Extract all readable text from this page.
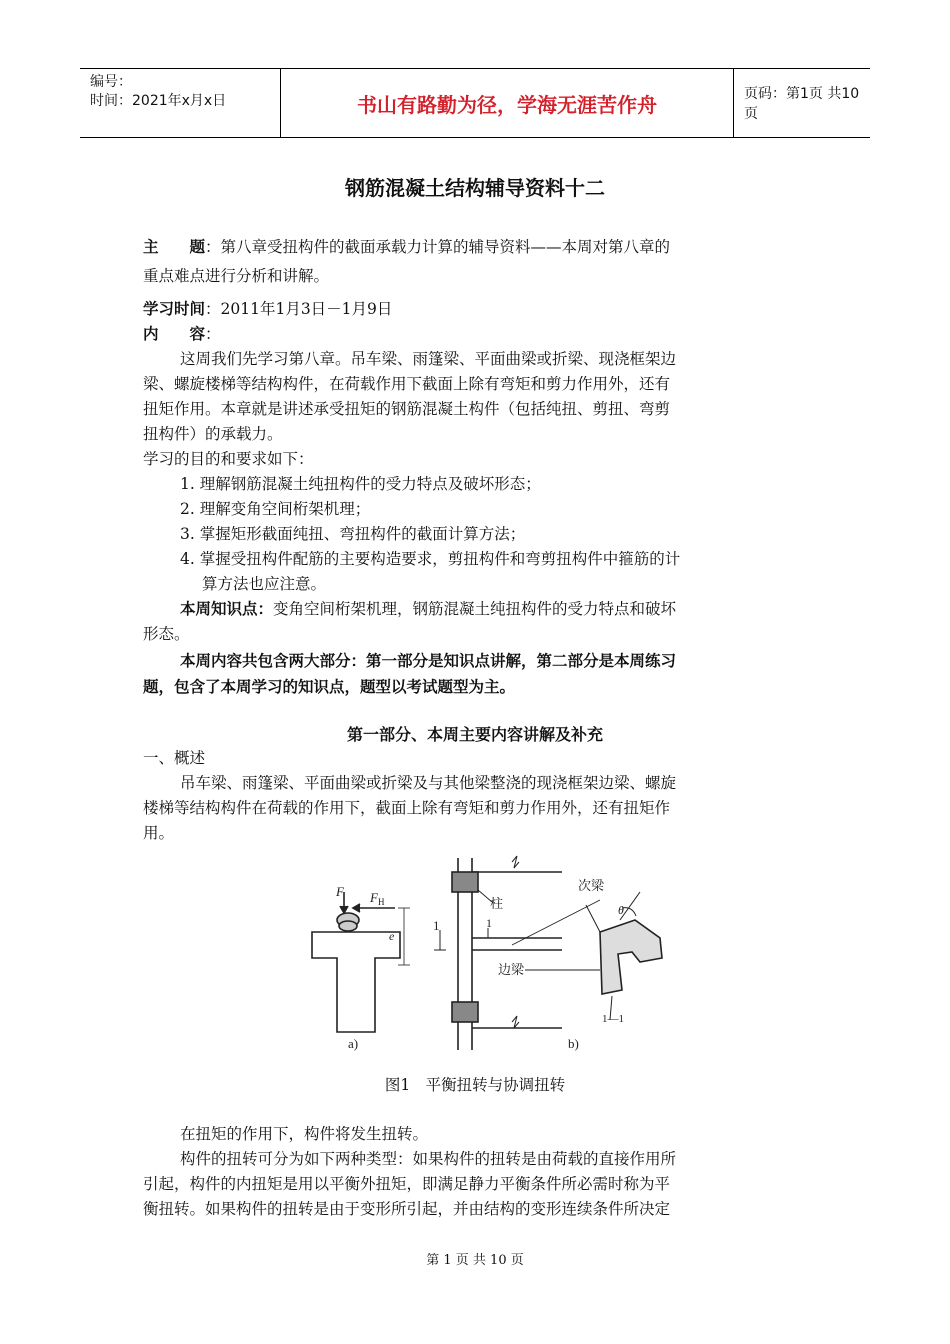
编号：
时间：2021年x月x日	书山有路勤为径，学海无涯苦作舟	页码：第1页 共10页
钢筋混凝土结构辅导资料十二
主　　题：第八章受扭构件的截面承载力计算的辅导资料——本周对第八章的
重点难点进行分析和讲解。
学习时间：2011年1月3日－1月9日
内　　容：
这周我们先学习第八章。吊车梁、雨篷梁、平面曲梁或折梁、现浇框架边
梁、螺旋楼梯等结构构件，在荷载作用下截面上除有弯矩和剪力作用外，还有
扭矩作用。本章就是讲述承受扭矩的钢筋混凝土构件（包括纯扭、剪扭、弯剪
扭构件）的承载力。
学习的目的和要求如下：
1. 理解钢筋混凝土纯扭构件的受力特点及破坏形态；
2. 理解变角空间桁架机理；
3. 掌握矩形截面纯扭、弯扭构件的截面计算方法；
4. 掌握受扭构件配筋的主要构造要求，剪扭构件和弯剪扭构件中箍筋的计
算方法也应注意。
本周知识点：变角空间桁架机理，钢筋混凝土纯扭构件的受力特点和破坏
形态。
本周内容共包含两大部分：第一部分是知识点讲解，第二部分是本周练习
题，包含了本周学习的知识点，题型以考试题型为主。
第一部分、本周主要内容讲解及补充
一、概述
吊车梁、雨篷梁、平面曲梁或折梁及与其他梁整浇的现浇框架边梁、螺旋
楼梯等结构构件在荷载的作用下，截面上除有弯矩和剪力作用外，还有扭矩作
用。
F F H
e
a)
柱
1	1
边梁
b)
次梁
θ
1—1
图1　平衡扭转与协调扭转
在扭矩的作用下，构件将发生扭转。
构件的扭转可分为如下两种类型：如果构件的扭转是由荷载的直接作用所
引起，构件的内扭矩是用以平衡外扭矩，即满足静力平衡条件所必需时称为平
衡扭转。如果构件的扭转是由于变形所引起，并由结构的变形连续条件所决定
第 1 页 共 10 页
